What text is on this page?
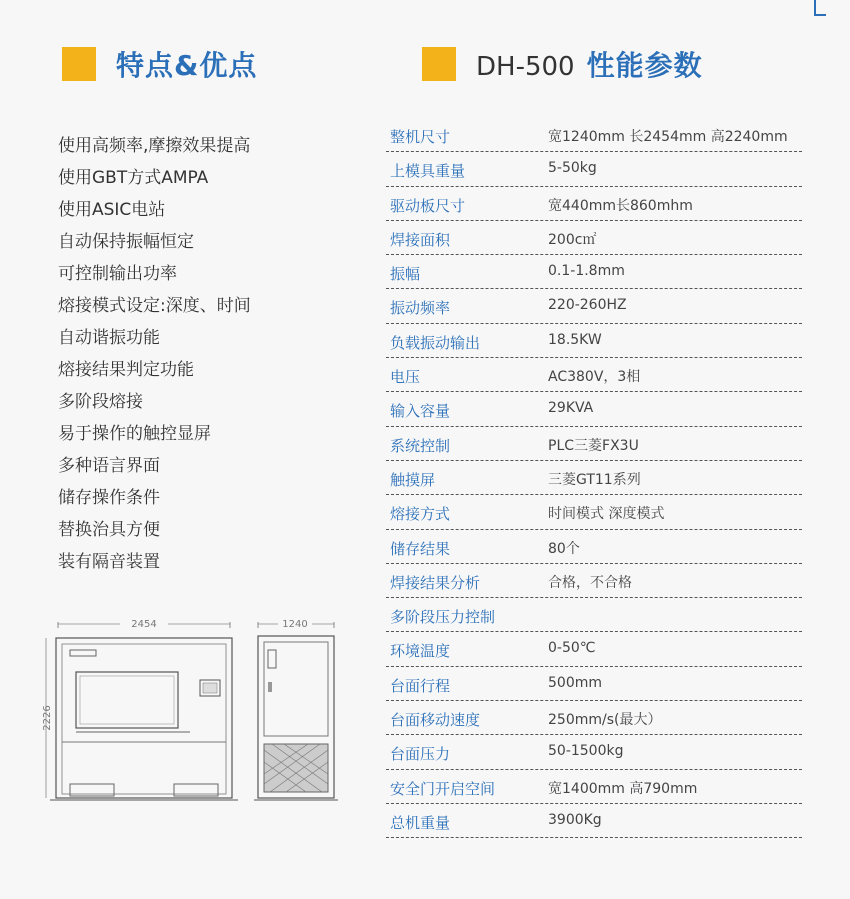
特点&优点
使用高频率,摩擦效果提高
使用GBT方式AMPA
使用ASIC电站
自动保持振幅恒定
可控制输出功率
熔接模式设定:深度、时间
自动谐振功能
熔接结果判定功能
多阶段熔接
易于操作的触控显屏
多种语言界面
储存操作条件
替换治具方便
装有隔音装置
DH-500 性能参数
整机尺寸	宽1240mm 长2454mm 高2240mm
上模具重量	5-50kg
驱动板尺寸	宽440mm长860mhm
焊接面积	200c㎡
振幅	0.1-1.8mm
振动频率	220-260HZ
负载振动输出	18.5KW
电压	AC380V，3相
输入容量	29KVA
系统控制	PLC三菱FX3U
触摸屏	三菱GT11系列
熔接方式	时间模式 深度模式
储存结果	80个
焊接结果分析	合格，不合格
多阶段压力控制
环境温度	0-50℃
台面行程	500mm
台面移动速度	250mm/s(最大）
台面压力	50-1500kg
安全门开启空间	宽1400mm 高790mm
总机重量	3900Kg
2454
2226
1240
